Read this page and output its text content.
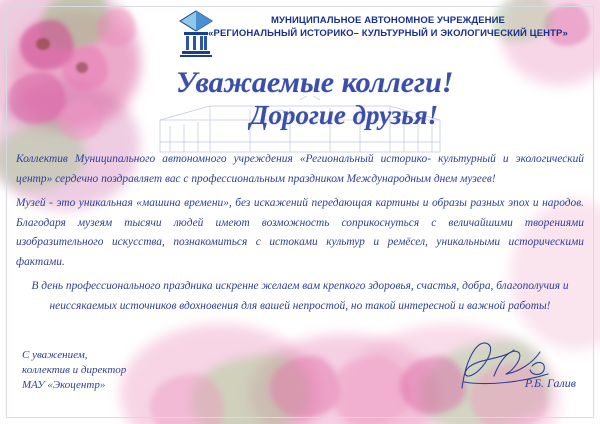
МУНИЦИПАЛЬНОЕ АВТОНОМНОЕ УЧРЕЖДЕНИЕ
«РЕГИОНАЛЬНЫЙ ИСТОРИКО– КУЛЬТУРНЫЙ И ЭКОЛОГИЧЕСКИЙ ЦЕНТР»
Уважаемые коллеги!
Дорогие друзья!

Коллектив Муниципального автономного учреждения «Региональный историко- культурный и экологический центр» сердечно поздравляет вас с профессиональным праздником Международным днем музеев!

Музей - это уникальная «машина времени», без искажений передающая картины и образы разных эпох и народов. Благодаря музеям тысячи людей имеют возможность соприкоснуться с величайшими творениями изобразительного искусства, познакомиться с истоками культур и ремёсел, уникальными историческими фактами.

В день профессионального праздника искренне желаем вам крепкого здоровья, счастья, добра, благополучия и неиссякаемых источников вдохновения для вашей непростой, но такой интересной и важной работы!

С уважением,
коллектив и директор
МАУ «Экоцентр»	Р.Б. Галив
